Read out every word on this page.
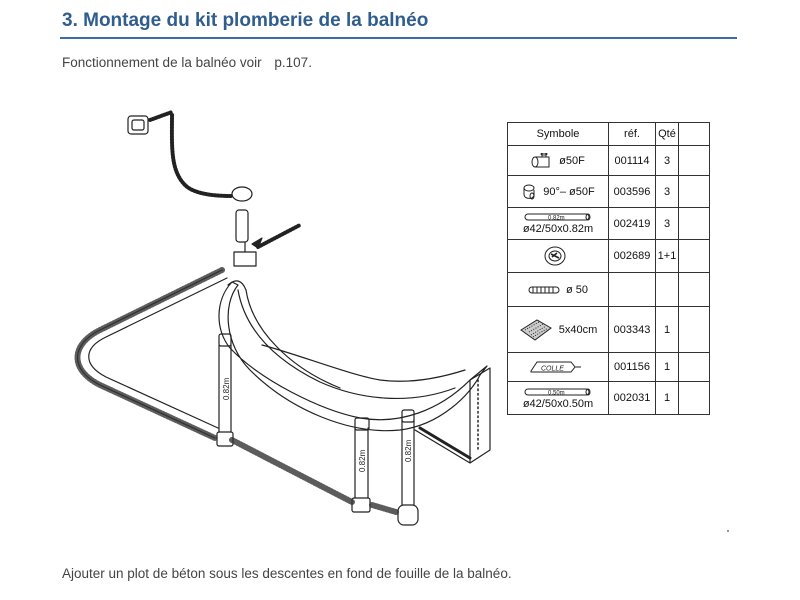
3. Montage du kit plomberie de la balnéo
Fonctionnement de la balnéo voir p.107.
0.82m
0.82m	0.82m
Symbole	réf.	Qté	

ø50F	001114	3	

90°– ø50F	003596	3	

0.82m
ø42/50x0.82m	002419	3	

	002689	1+1	

ø 50			

5x40cm	003343	1	

COLLE	001156	1	

0.50m
ø42/50x0.50m	002031	1	
Ajouter un plot de béton sous les descentes en fond de fouille de la balnéo.
